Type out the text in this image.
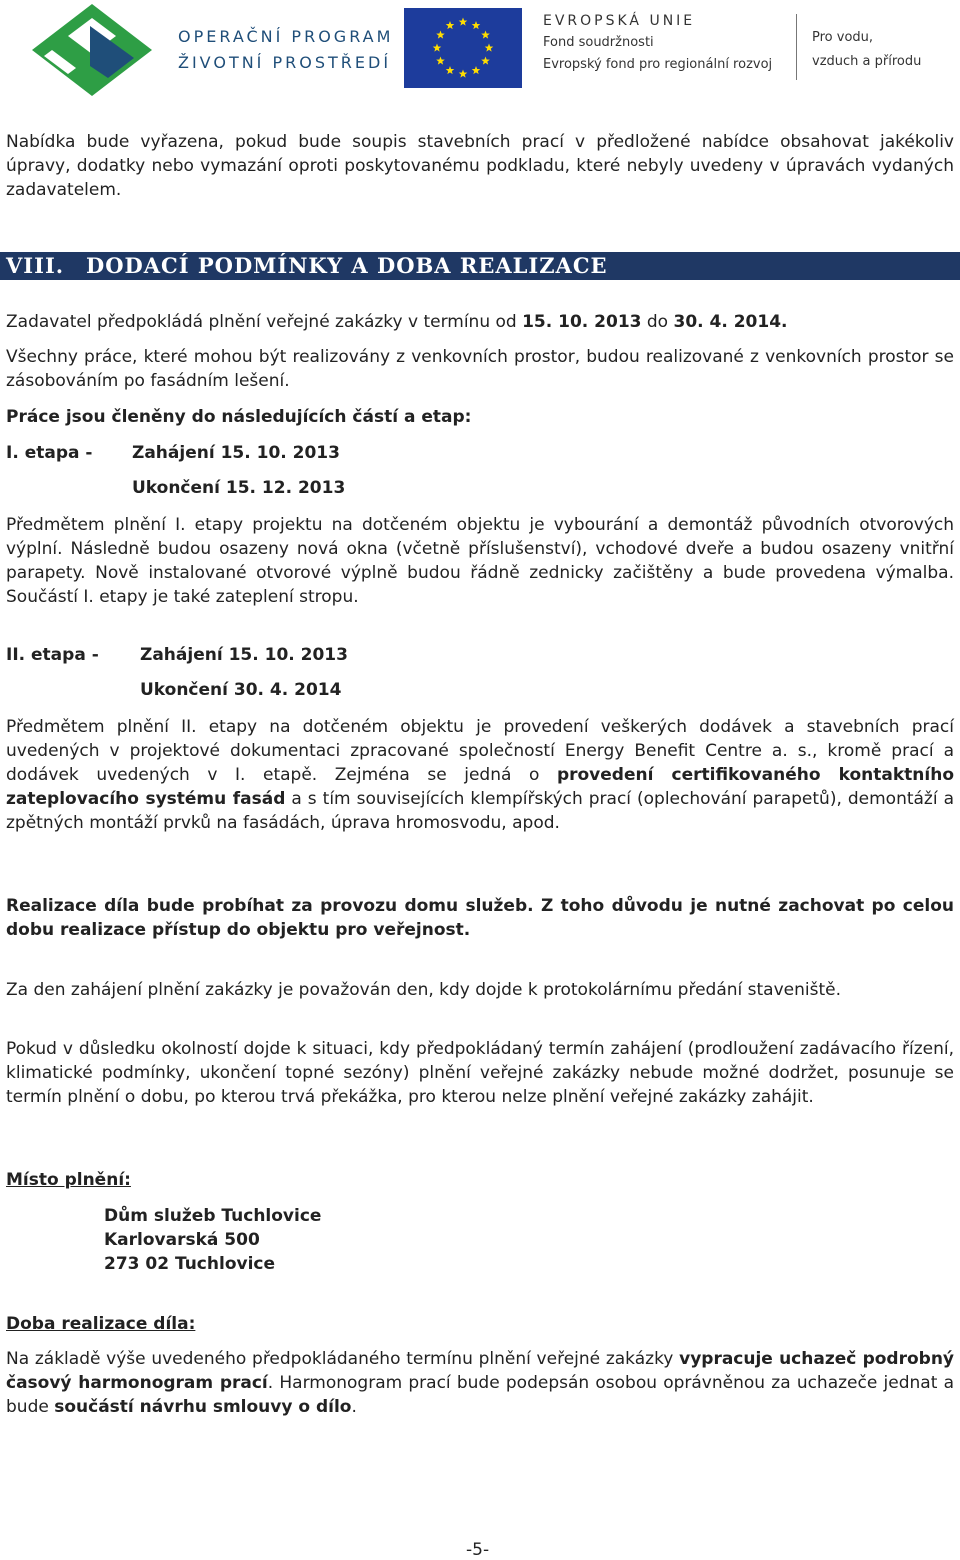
OPERAČNÍ PROGRAM
ŽIVOTNÍ PROSTŘEDÍ
EVROPSKÁ UNIE
Fond soudržnosti
Evropský fond pro regionální rozvoj
Pro vodu,
vzduch a přírodu

Nabídka bude vyřazena, pokud bude soupis stavebních prací v předložené nabídce obsahovat jakékoliv úpravy, dodatky nebo vymazání oproti poskytovanému podkladu, které nebyly uvedeny v úpravách vydaných zadavatelem.

VIII. DODACÍ PODMÍNKY A DOBA REALIZACE

Zadavatel předpokládá plnění veřejné zakázky v termínu od 15. 10. 2013 do 30. 4. 2014.

Všechny práce, které mohou být realizovány z venkovních prostor, budou realizované z venkovních prostor se zásobováním po fasádním lešení.

Práce jsou členěny do následujících částí a etap:

I. etapa - Zahájení 15. 10. 2013
Ukončení 15. 12. 2013

Předmětem plnění I. etapy projektu na dotčeném objektu je vybourání a demontáž původních otvorových výplní. Následně budou osazeny nová okna (včetně příslušenství), vchodové dveře a budou osazeny vnitřní parapety. Nově instalované otvorové výplně budou řádně zednicky začištěny a bude provedena výmalba. Součástí I. etapy je také zateplení stropu.

II. etapa - Zahájení 15. 10. 2013
Ukončení 30. 4. 2014

Předmětem plnění II. etapy na dotčeném objektu je provedení veškerých dodávek a stavebních prací uvedených v projektové dokumentaci zpracované společností Energy Benefit Centre a. s., kromě prací a dodávek uvedených v I. etapě. Zejména se jedná o provedení certifikovaného kontaktního zateplovacího systému fasád a s tím souvisejících klempířských prací (oplechování parapetů), demontáží a zpětných montáží prvků na fasádách, úprava hromosvodu, apod.

Realizace díla bude probíhat za provozu domu služeb. Z toho důvodu je nutné zachovat po celou dobu realizace přístup do objektu pro veřejnost.

Za den zahájení plnění zakázky je považován den, kdy dojde k protokolárnímu předání staveniště.

Pokud v důsledku okolností dojde k situaci, kdy předpokládaný termín zahájení (prodloužení zadávacího řízení, klimatické podmínky, ukončení topné sezóny) plnění veřejné zakázky nebude možné dodržet, posunuje se termín plnění o dobu, po kterou trvá překážka, pro kterou nelze plnění veřejné zakázky zahájit.

Místo plnění:

Dům služeb Tuchlovice

Karlovarská 500

273 02 Tuchlovice

Doba realizace díla:

Na základě výše uvedeného předpokládaného termínu plnění veřejné zakázky vypracuje uchazeč podrobný časový harmonogram prací. Harmonogram prací bude podepsán osobou oprávněnou za uchazeče jednat a bude součástí návrhu smlouvy o dílo.

-5-
